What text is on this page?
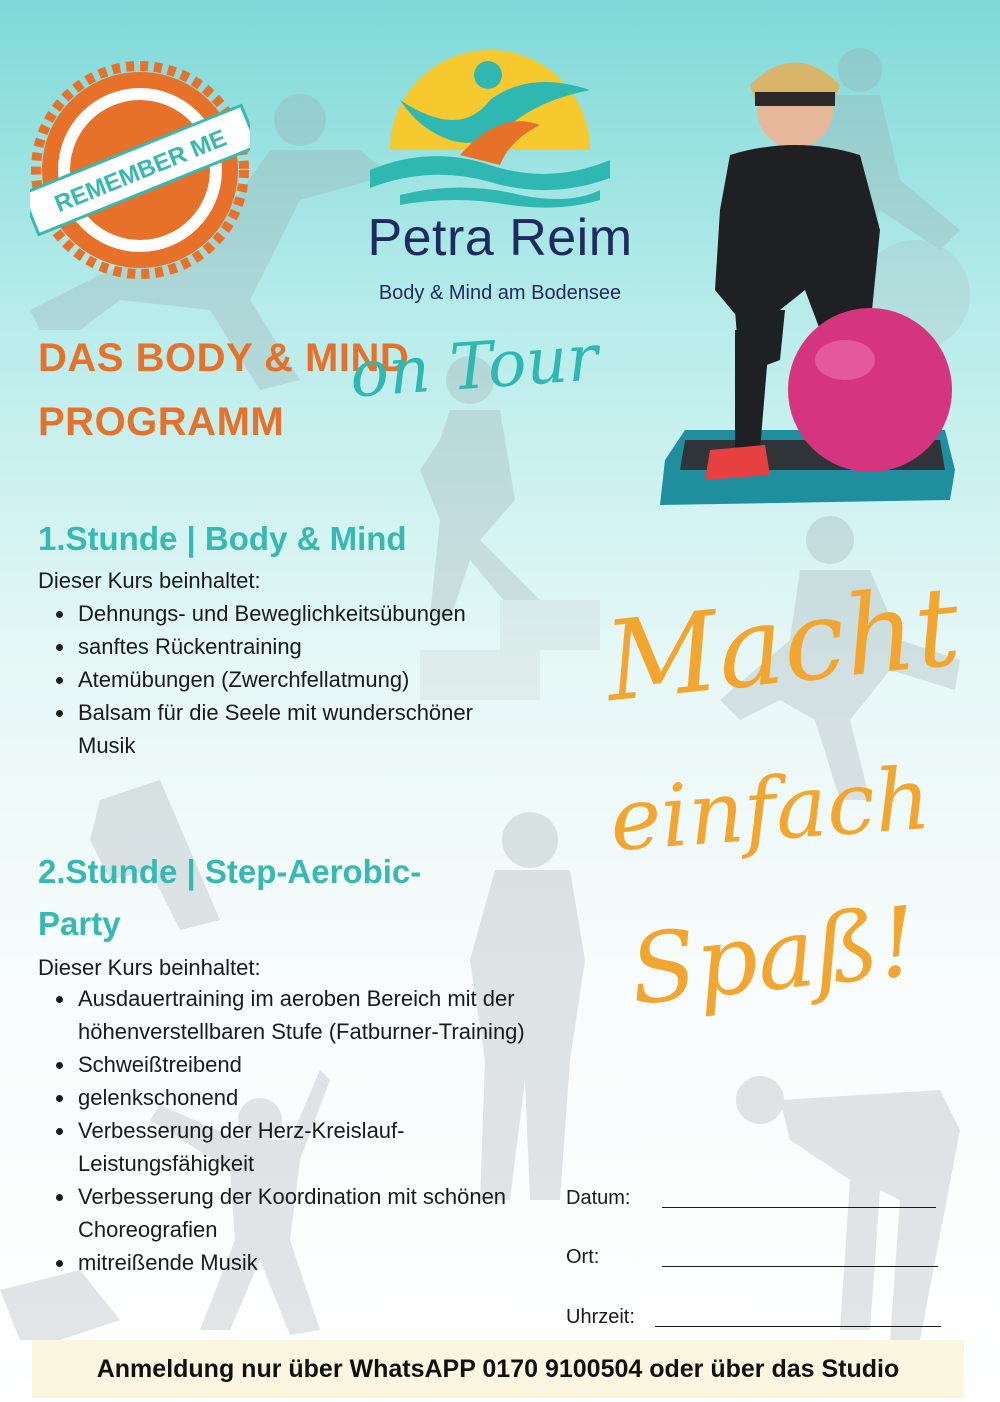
REMEMBER ME
Petra Reim
Body & Mind am Bodensee
DAS BODY & MIND
PROGRAMM
on Tour
1.Stunde | Body & Mind
Dieser Kurs beinhaltet:
• Dehnungs- und Beweglichkeitsübungen
• sanftes Rückentraining
• Atemübungen (Zwerchfellatmung)
• Balsam für die Seele mit wunderschöner Musik
2.Stunde | Step-Aerobic-
Party
Dieser Kurs beinhaltet:
• Ausdauertraining im aeroben Bereich mit der höhenverstellbaren Stufe (Fatburner-Training)
• Schweißtreibend
• gelenkschonend
• Verbesserung der Herz-Kreislauf-Leistungsfähigkeit
• Verbesserung der Koordination mit schönen Choreografien
• mitreißende Musik
Macht
einfach
Spaß!
Datum:
Ort:
Uhrzeit:
Anmeldung nur über WhatsAPP 0170 9100504 oder über das Studio
